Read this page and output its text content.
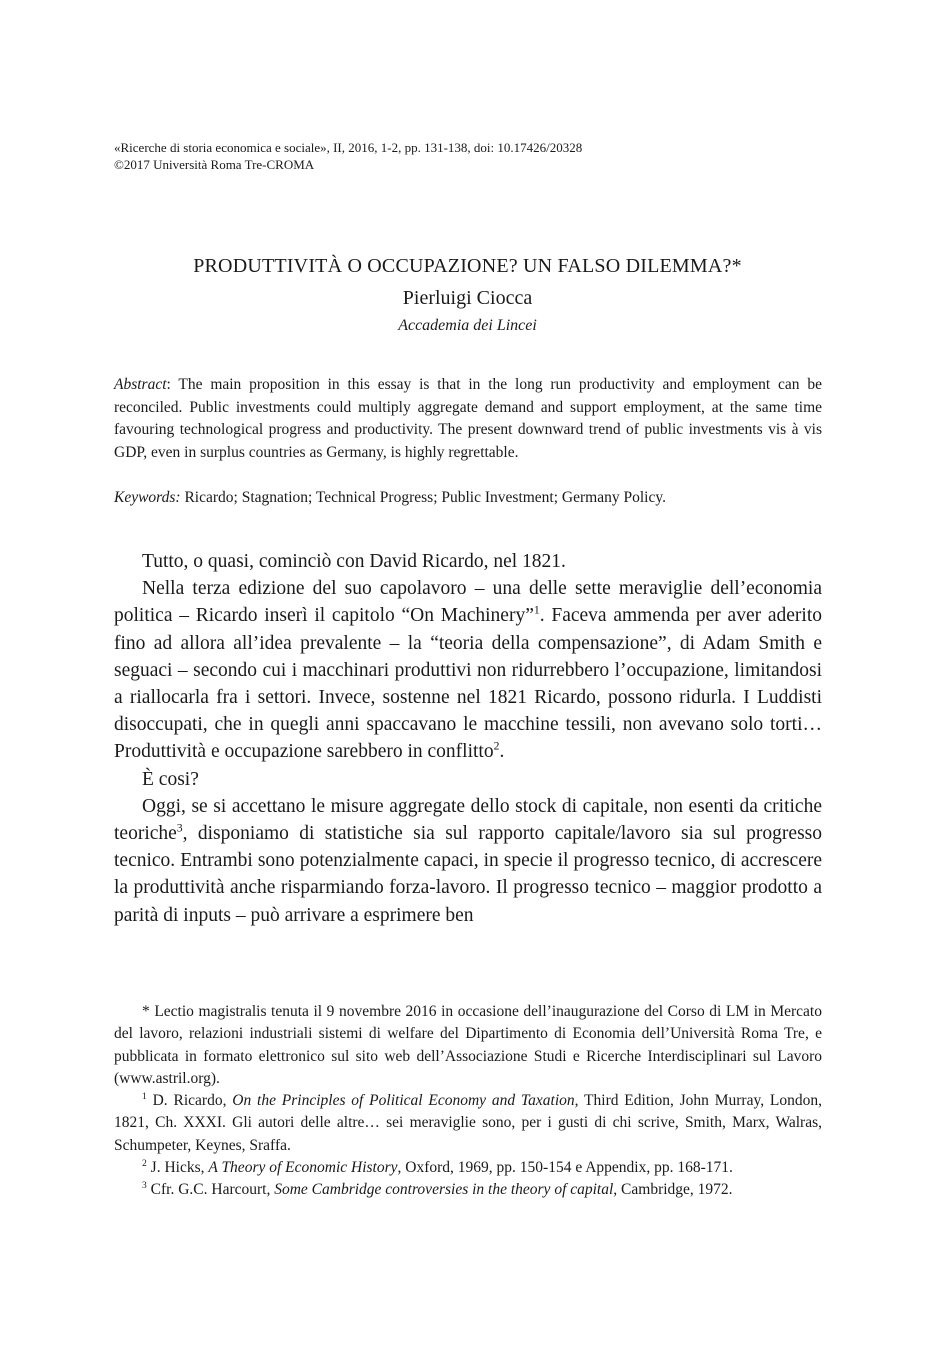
«Ricerche di storia economica e sociale», II, 2016, 1-2, pp. 131-138, doi: 10.17426/20328
©2017 Università Roma Tre-CROMA
PRODUTTIVITÀ O OCCUPAZIONE? UN FALSO DILEMMA?*
Pierluigi Ciocca
Accademia dei Lincei
Abstract: The main proposition in this essay is that in the long run productivity and employment can be reconciled. Public investments could multiply aggregate demand and support employment, at the same time favouring technological progress and productivity. The present downward trend of public investments vis à vis GDP, even in surplus countries as Germany, is highly regrettable.
Keywords: Ricardo; Stagnation; Technical Progress; Public Investment; Germany Policy.

Tutto, o quasi, cominciò con David Ricardo, nel 1821.

Nella terza edizione del suo capolavoro – una delle sette meraviglie dell’economia politica – Ricardo inserì il capitolo “On Machinery”$^1$. Faceva ammenda per aver aderito fino ad allora all’idea prevalente – la “teoria della compensazione”, di Adam Smith e seguaci – secondo cui i macchinari produttivi non ridurrebbero l’occupazione, limitandosi a riallocarla fra i settori. Invece, sostenne nel 1821 Ricardo, possono ridurla. I Luddisti disoccupati, che in quegli anni spaccavano le macchine tessili, non avevano solo torti… Produttività e occupazione sarebbero in conflitto$^2$.

È cosi?

Oggi, se si accettano le misure aggregate dello stock di capitale, non esenti da critiche teoriche$^3$, disponiamo di statistiche sia sul rapporto capitale/lavoro sia sul progresso tecnico. Entrambi sono potenzialmente capaci, in specie il progresso tecnico, di accrescere la produttività anche risparmiando forza-lavoro. Il progresso tecnico – maggior prodotto a parità di inputs – può arrivare a esprimere ben

* Lectio magistralis tenuta il 9 novembre 2016 in occasione dell’inaugurazione del Corso di LM in Mercato del lavoro, relazioni industriali sistemi di welfare del Dipartimento di Economia dell’Università Roma Tre, e pubblicata in formato elettronico sul sito web dell’Associazione Studi e Ricerche Interdisciplinari sul Lavoro (www.astril.org).

$^1$ D. Ricardo, On the Principles of Political Economy and Taxation, Third Edition, John Murray, London, 1821, Ch. XXXI. Gli autori delle altre… sei meraviglie sono, per i gusti di chi scrive, Smith, Marx, Walras, Schumpeter, Keynes, Sraffa.

$^2$ J. Hicks, A Theory of Economic History, Oxford, 1969, pp. 150-154 e Appendix, pp. 168-171.

$^3$ Cfr. G.C. Harcourt, Some Cambridge controversies in the theory of capital, Cambridge, 1972.
